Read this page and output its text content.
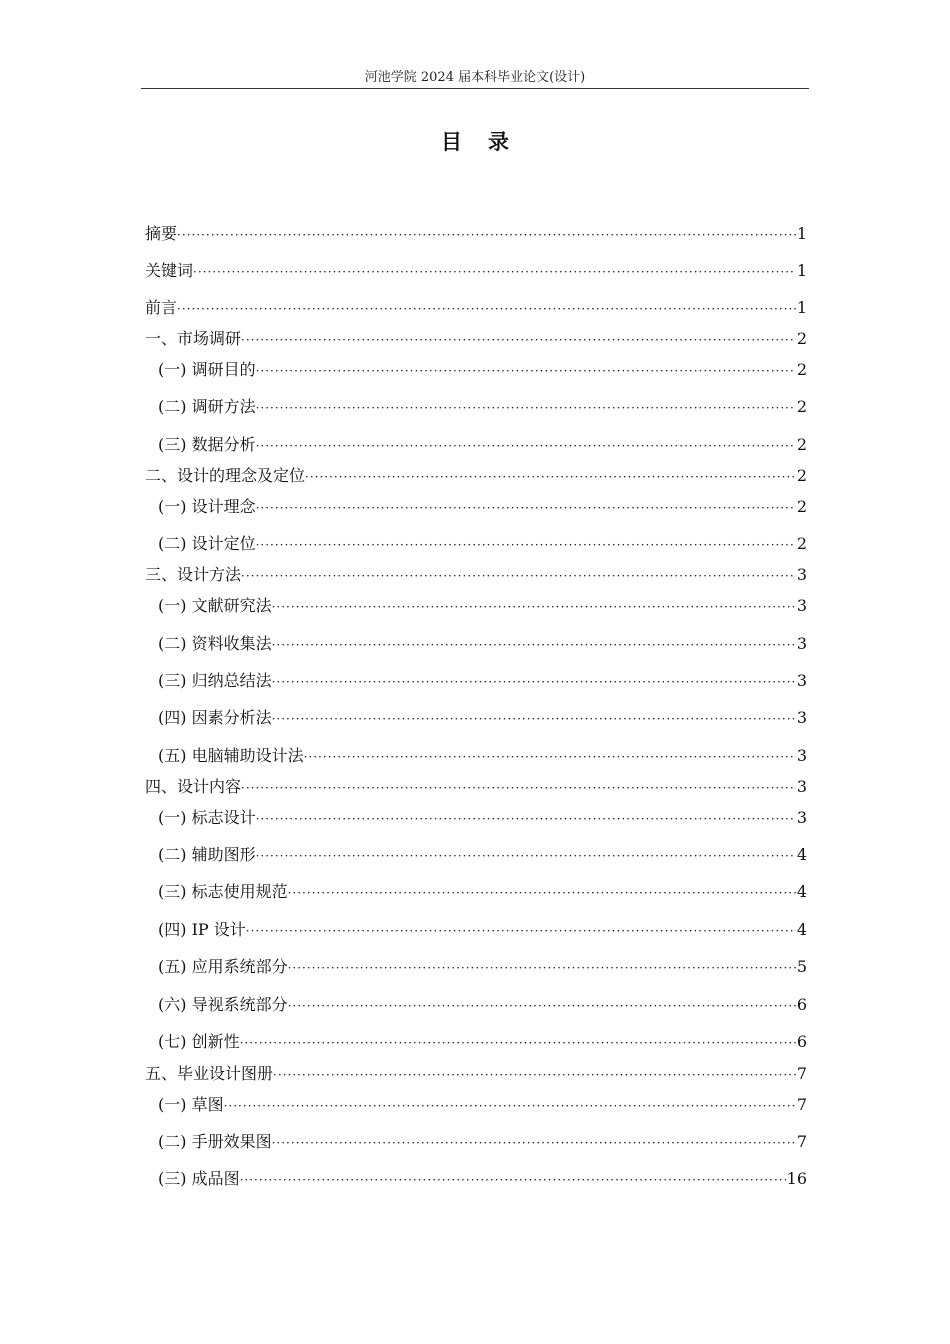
河池学院 2024 届本科毕业论文(设计)
目录
摘要 ·····	1
关键词 ·····	1
前言 ·····	1
一、市场调研 ·····	2
(一) 调研目的 ·····	2
(二) 调研方法 ·····	2
(三) 数据分析 ·····	2
二、设计的理念及定位 ·····	2
(一) 设计理念 ·····	2
(二) 设计定位 ·····	2
三、设计方法 ·····	3
(一) 文献研究法 ·····	3
(二) 资料收集法 ·····	3
(三) 归纳总结法 ·····	3
(四) 因素分析法 ·····	3
(五) 电脑辅助设计法 ·····	3
四、设计内容 ·····	3
(一) 标志设计 ·····	3
(二) 辅助图形 ·····	4
(三) 标志使用规范 ·····	4
(四) IP 设计 ·····	4
(五) 应用系统部分 ·····	5
(六) 导视系统部分 ·····	6
(七) 创新性 ·····	6
五、毕业设计图册 ·····	7
(一) 草图 ·····	7
(二) 手册效果图 ·····	7
(三) 成品图 ·····	16
